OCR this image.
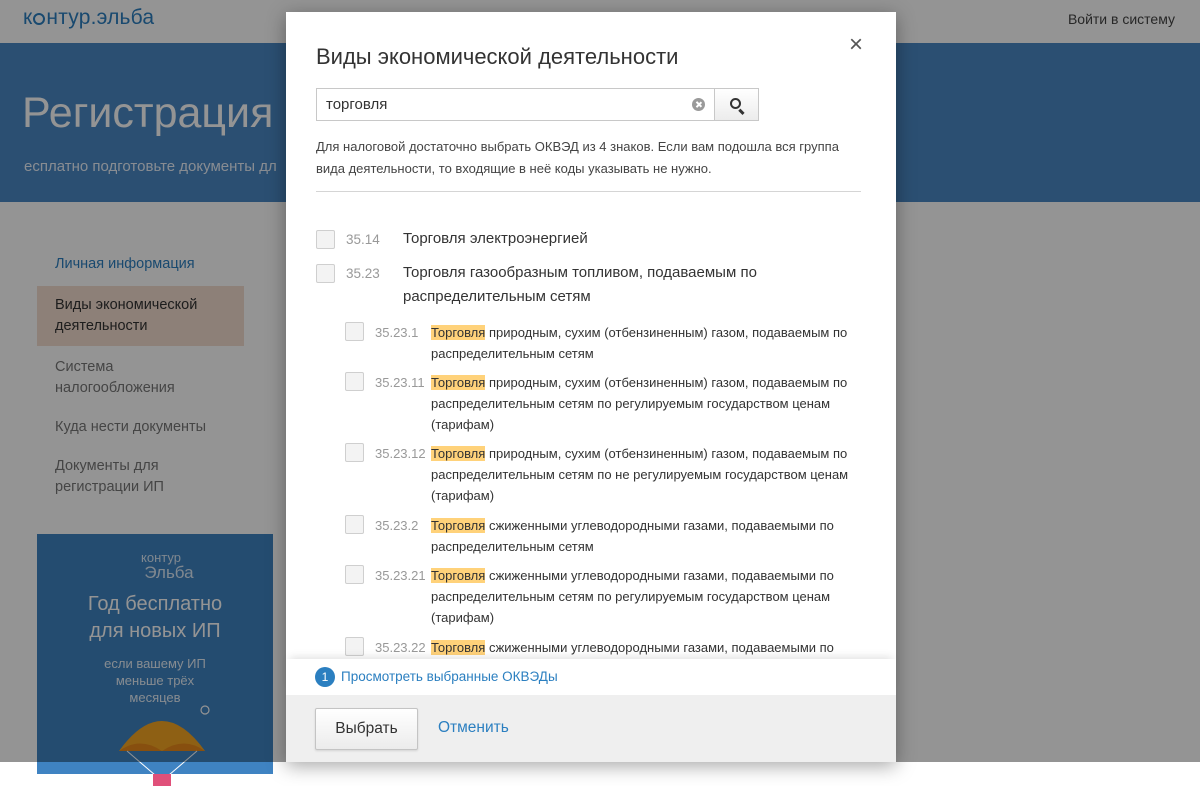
к нтур.эльба	Войти в систему
Регистрация
есплатно подготовьте документы дл
Личная информация
Виды экономической деятельности
Система налогообложения
Куда нести документы
Документы для регистрации ИП
контур
Эльба
Год бесплатно для новых ИП
если вашему ИП меньше трёх месяцев
Виды экономической деятельности	×
торговля
Для налоговой достаточно выбрать ОКВЭД из 4 знаков. Если вам подошла вся группа вида деятельности, то входящие в неё коды указывать не нужно.
35.14 Торговля электроэнергией
35.23 Торговля газообразным топливом, подаваемым по распределительным сетям
35.23.1 Торговля природным, сухим (отбензиненным) газом, подаваемым по распределительным сетям
35.23.11 Торговля природным, сухим (отбензиненным) газом, подаваемым по распределительным сетям по регулируемым государством ценам (тарифам)
35.23.12 Торговля природным, сухим (отбензиненным) газом, подаваемым по распределительным сетям по не регулируемым государством ценам (тарифам)
35.23.2 Торговля сжиженными углеводородными газами, подаваемыми по распределительным сетям
35.23.21 Торговля сжиженными углеводородными газами, подаваемыми по распределительным сетям по регулируемым государством ценам (тарифам)
35.23.22 Торговля сжиженными углеводородными газами, подаваемыми по
1 Просмотреть выбранные ОКВЭДы
Выбрать	Отменить
